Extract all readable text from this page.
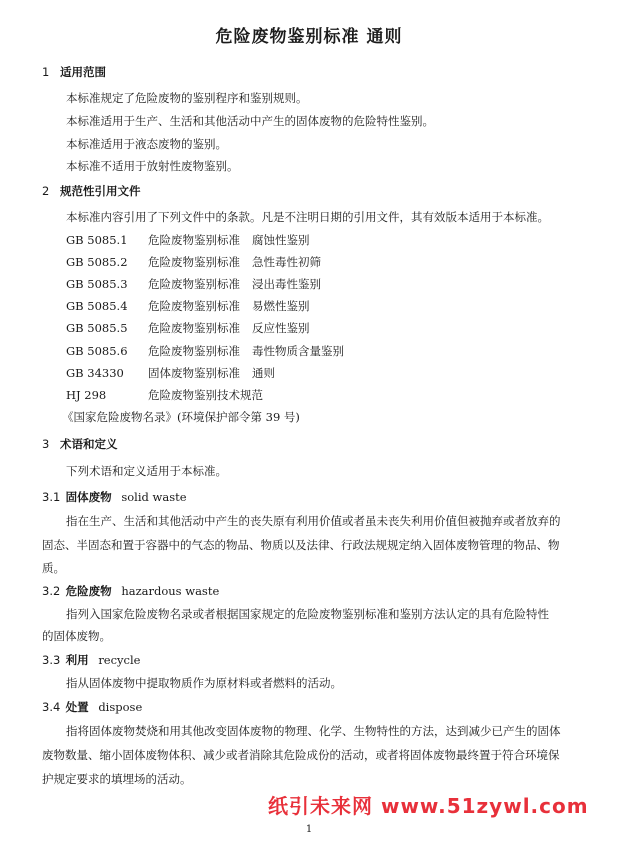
危险废物鉴别标准 通则
1 适用范围
本标准规定了危险废物的鉴别程序和鉴别规则。
本标准适用于生产、生活和其他活动中产生的固体废物的危险特性鉴别。
本标准适用于液态废物的鉴别。
本标准不适用于放射性废物鉴别。
2 规范性引用文件
本标准内容引用了下列文件中的条款。凡是不注明日期的引用文件，其有效版本适用于本标准。
GB 5085.1 危险废物鉴别标准 腐蚀性鉴别
GB 5085.2 危险废物鉴别标准 急性毒性初筛
GB 5085.3 危险废物鉴别标准 浸出毒性鉴别
GB 5085.4 危险废物鉴别标准 易燃性鉴别
GB 5085.5 危险废物鉴别标准 反应性鉴别
GB 5085.6 危险废物鉴别标准 毒性物质含量鉴别
GB 34330 固体废物鉴别标准 通则
HJ 298	危险废物鉴别技术规范
《国家危险废物名录》(环境保护部令第 39 号)
3 术语和定义
下列术语和定义适用于本标准。
3.1 固体废物 solid waste
指在生产、生活和其他活动中产生的丧失原有利用价值或者虽未丧失利用价值但被抛弃或者放弃的
固态、半固态和置于容器中的气态的物品、物质以及法律、行政法规规定纳入固体废物管理的物品、物
质。
3.2 危险废物 hazardous waste
指列入国家危险废物名录或者根据国家规定的危险废物鉴别标准和鉴别方法认定的具有危险特性
的固体废物。
3.3 利用 recycle
指从固体废物中提取物质作为原材料或者燃料的活动。
3.4 处置 dispose
指将固体废物焚烧和用其他改变固体废物的物理、化学、生物特性的方法，达到减少已产生的固体
废物数量、缩小固体废物体积、减少或者消除其危险成份的活动，或者将固体废物最终置于符合环境保
护规定要求的填埋场的活动。
纸引未来网 www.51zywl.com
1
